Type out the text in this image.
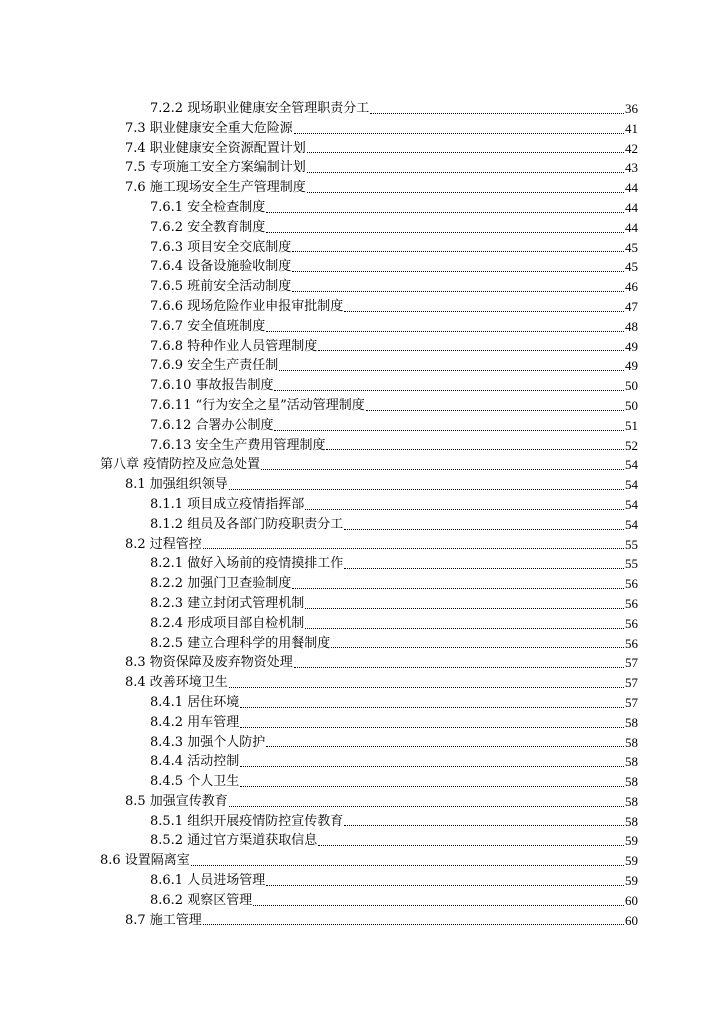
7.2.2 现场职业健康安全管理职责分工	36
7.3 职业健康安全重大危险源	41
7.4 职业健康安全资源配置计划	42
7.5 专项施工安全方案编制计划	43
7.6 施工现场安全生产管理制度	44
7.6.1 安全检查制度	44
7.6.2 安全教育制度	44
7.6.3 项目安全交底制度	45
7.6.4 设备设施验收制度	45
7.6.5 班前安全活动制度	46
7.6.6 现场危险作业申报审批制度	47
7.6.7 安全值班制度	48
7.6.8 特种作业人员管理制度	49
7.6.9 安全生产责任制	49
7.6.10 事故报告制度	50
7.6.11 “行为安全之星”活动管理制度	50
7.6.12 合署办公制度	51
7.6.13 安全生产费用管理制度	52
第八章 疫情防控及应急处置	54
8.1 加强组织领导	54
8.1.1 项目成立疫情指挥部	54
8.1.2 组员及各部门防疫职责分工	54
8.2 过程管控	55
8.2.1 做好入场前的疫情摸排工作	55
8.2.2 加强门卫查验制度	56
8.2.3 建立封闭式管理机制	56
8.2.4 形成项目部自检机制	56
8.2.5 建立合理科学的用餐制度	56
8.3 物资保障及废弃物资处理	57
8.4 改善环境卫生	57
8.4.1 居住环境	57
8.4.2 用车管理	58
8.4.3 加强个人防护	58
8.4.4 活动控制	58
8.4.5 个人卫生	58
8.5 加强宣传教育	58
8.5.1 组织开展疫情防控宣传教育	58
8.5.2 通过官方渠道获取信息	59
8.6 设置隔离室	59
8.6.1 人员进场管理	59
8.6.2 观察区管理	60
8.7 施工管理	60
